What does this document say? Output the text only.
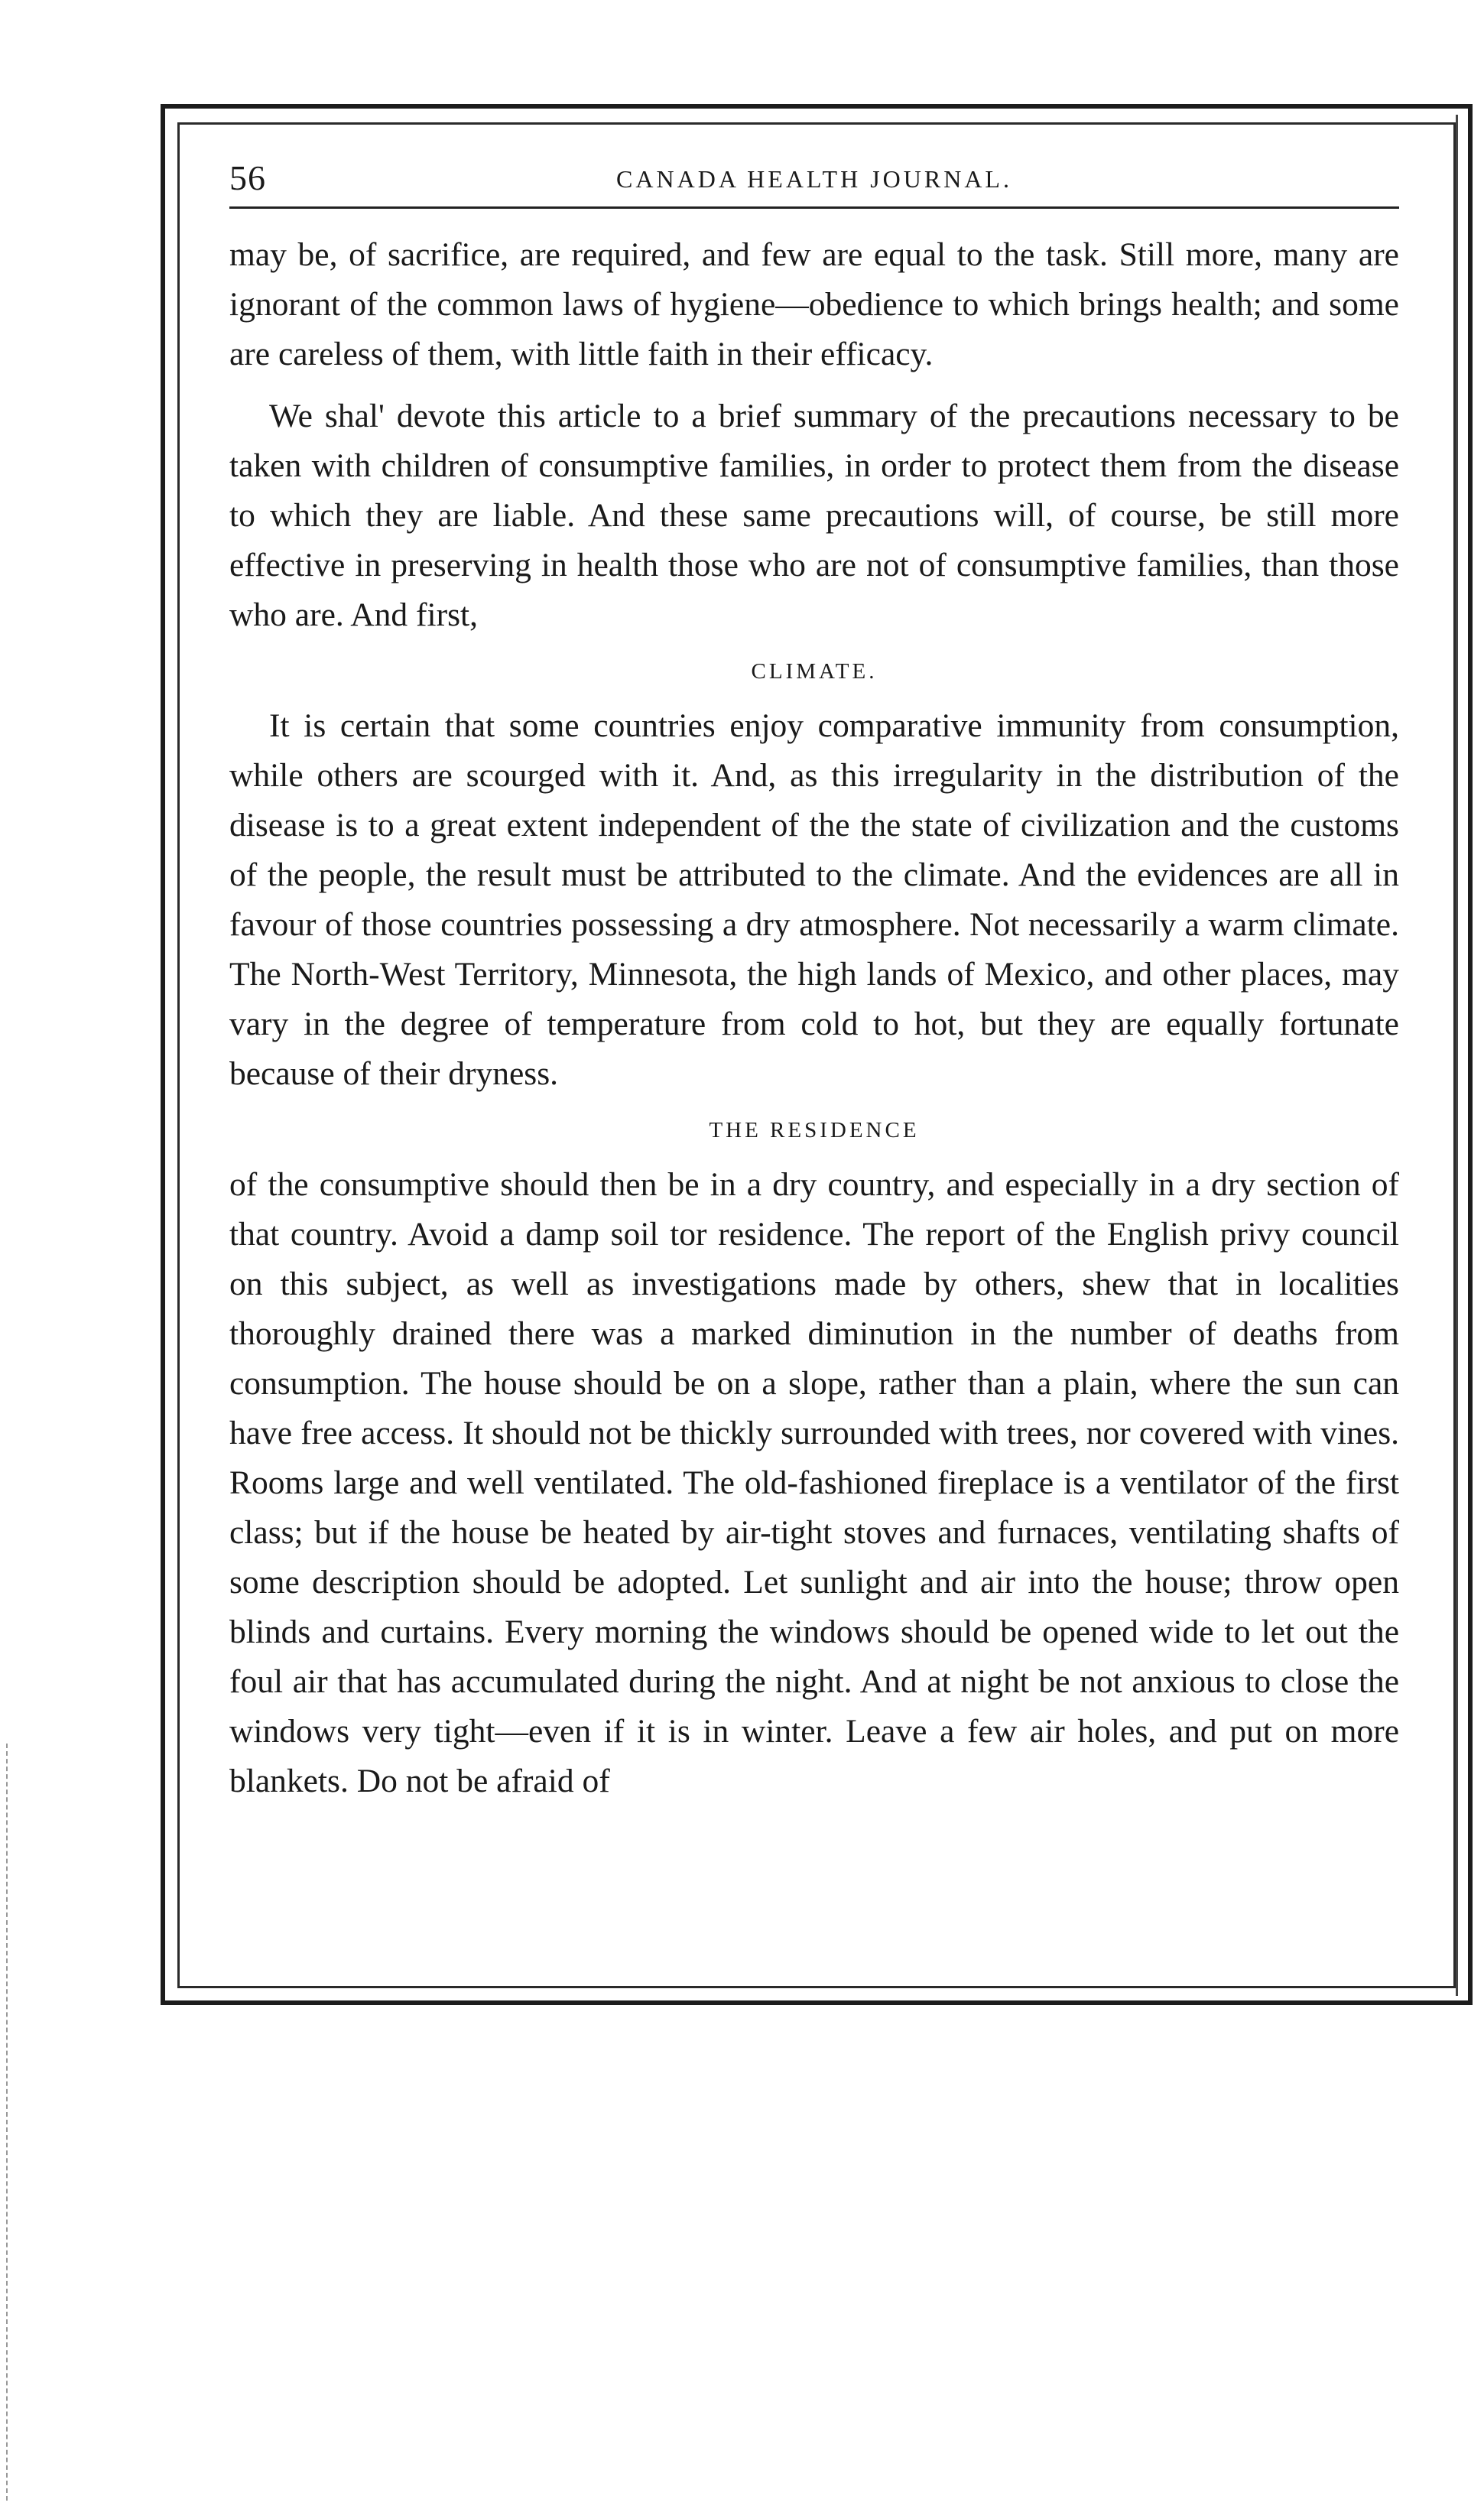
56	CANADA HEALTH JOURNAL.

may be, of sacrifice, are required, and few are equal to the task. Still more, many are ignorant of the common laws of hygiene—obedience to which brings health; and some are careless of them, with little faith in their efficacy.

We shal' devote this article to a brief summary of the precautions necessary to be taken with children of consumptive families, in order to protect them from the disease to which they are liable. And these same precautions will, of course, be still more effective in preserving in health those who are not of consumptive families, than those who are. And first,

CLIMATE.

It is certain that some countries enjoy comparative immunity from consumption, while others are scourged with it. And, as this irregularity in the distribution of the disease is to a great extent independent of the the state of civilization and the customs of the people, the result must be attributed to the climate. And the evidences are all in favour of those countries possessing a dry atmosphere. Not necessarily a warm climate. The North-West Territory, Minnesota, the high lands of Mexico, and other places, may vary in the degree of temperature from cold to hot, but they are equally fortunate because of their dryness.

THE RESIDENCE

of the consumptive should then be in a dry country, and especially in a dry section of that country. Avoid a damp soil tor residence. The report of the English privy council on this subject, as well as investigations made by others, shew that in localities thoroughly drained there was a marked diminution in the number of deaths from consumption. The house should be on a slope, rather than a plain, where the sun can have free access. It should not be thickly surrounded with trees, nor covered with vines. Rooms large and well ventilated. The old-fashioned fireplace is a ventilator of the first class; but if the house be heated by air-tight stoves and furnaces, ventilating shafts of some description should be adopted. Let sunlight and air into the house; throw open blinds and curtains. Every morning the windows should be opened wide to let out the foul air that has accumulated during the night. And at night be not anxious to close the windows very tight—even if it is in winter. Leave a few air holes, and put on more blankets. Do not be afraid of
